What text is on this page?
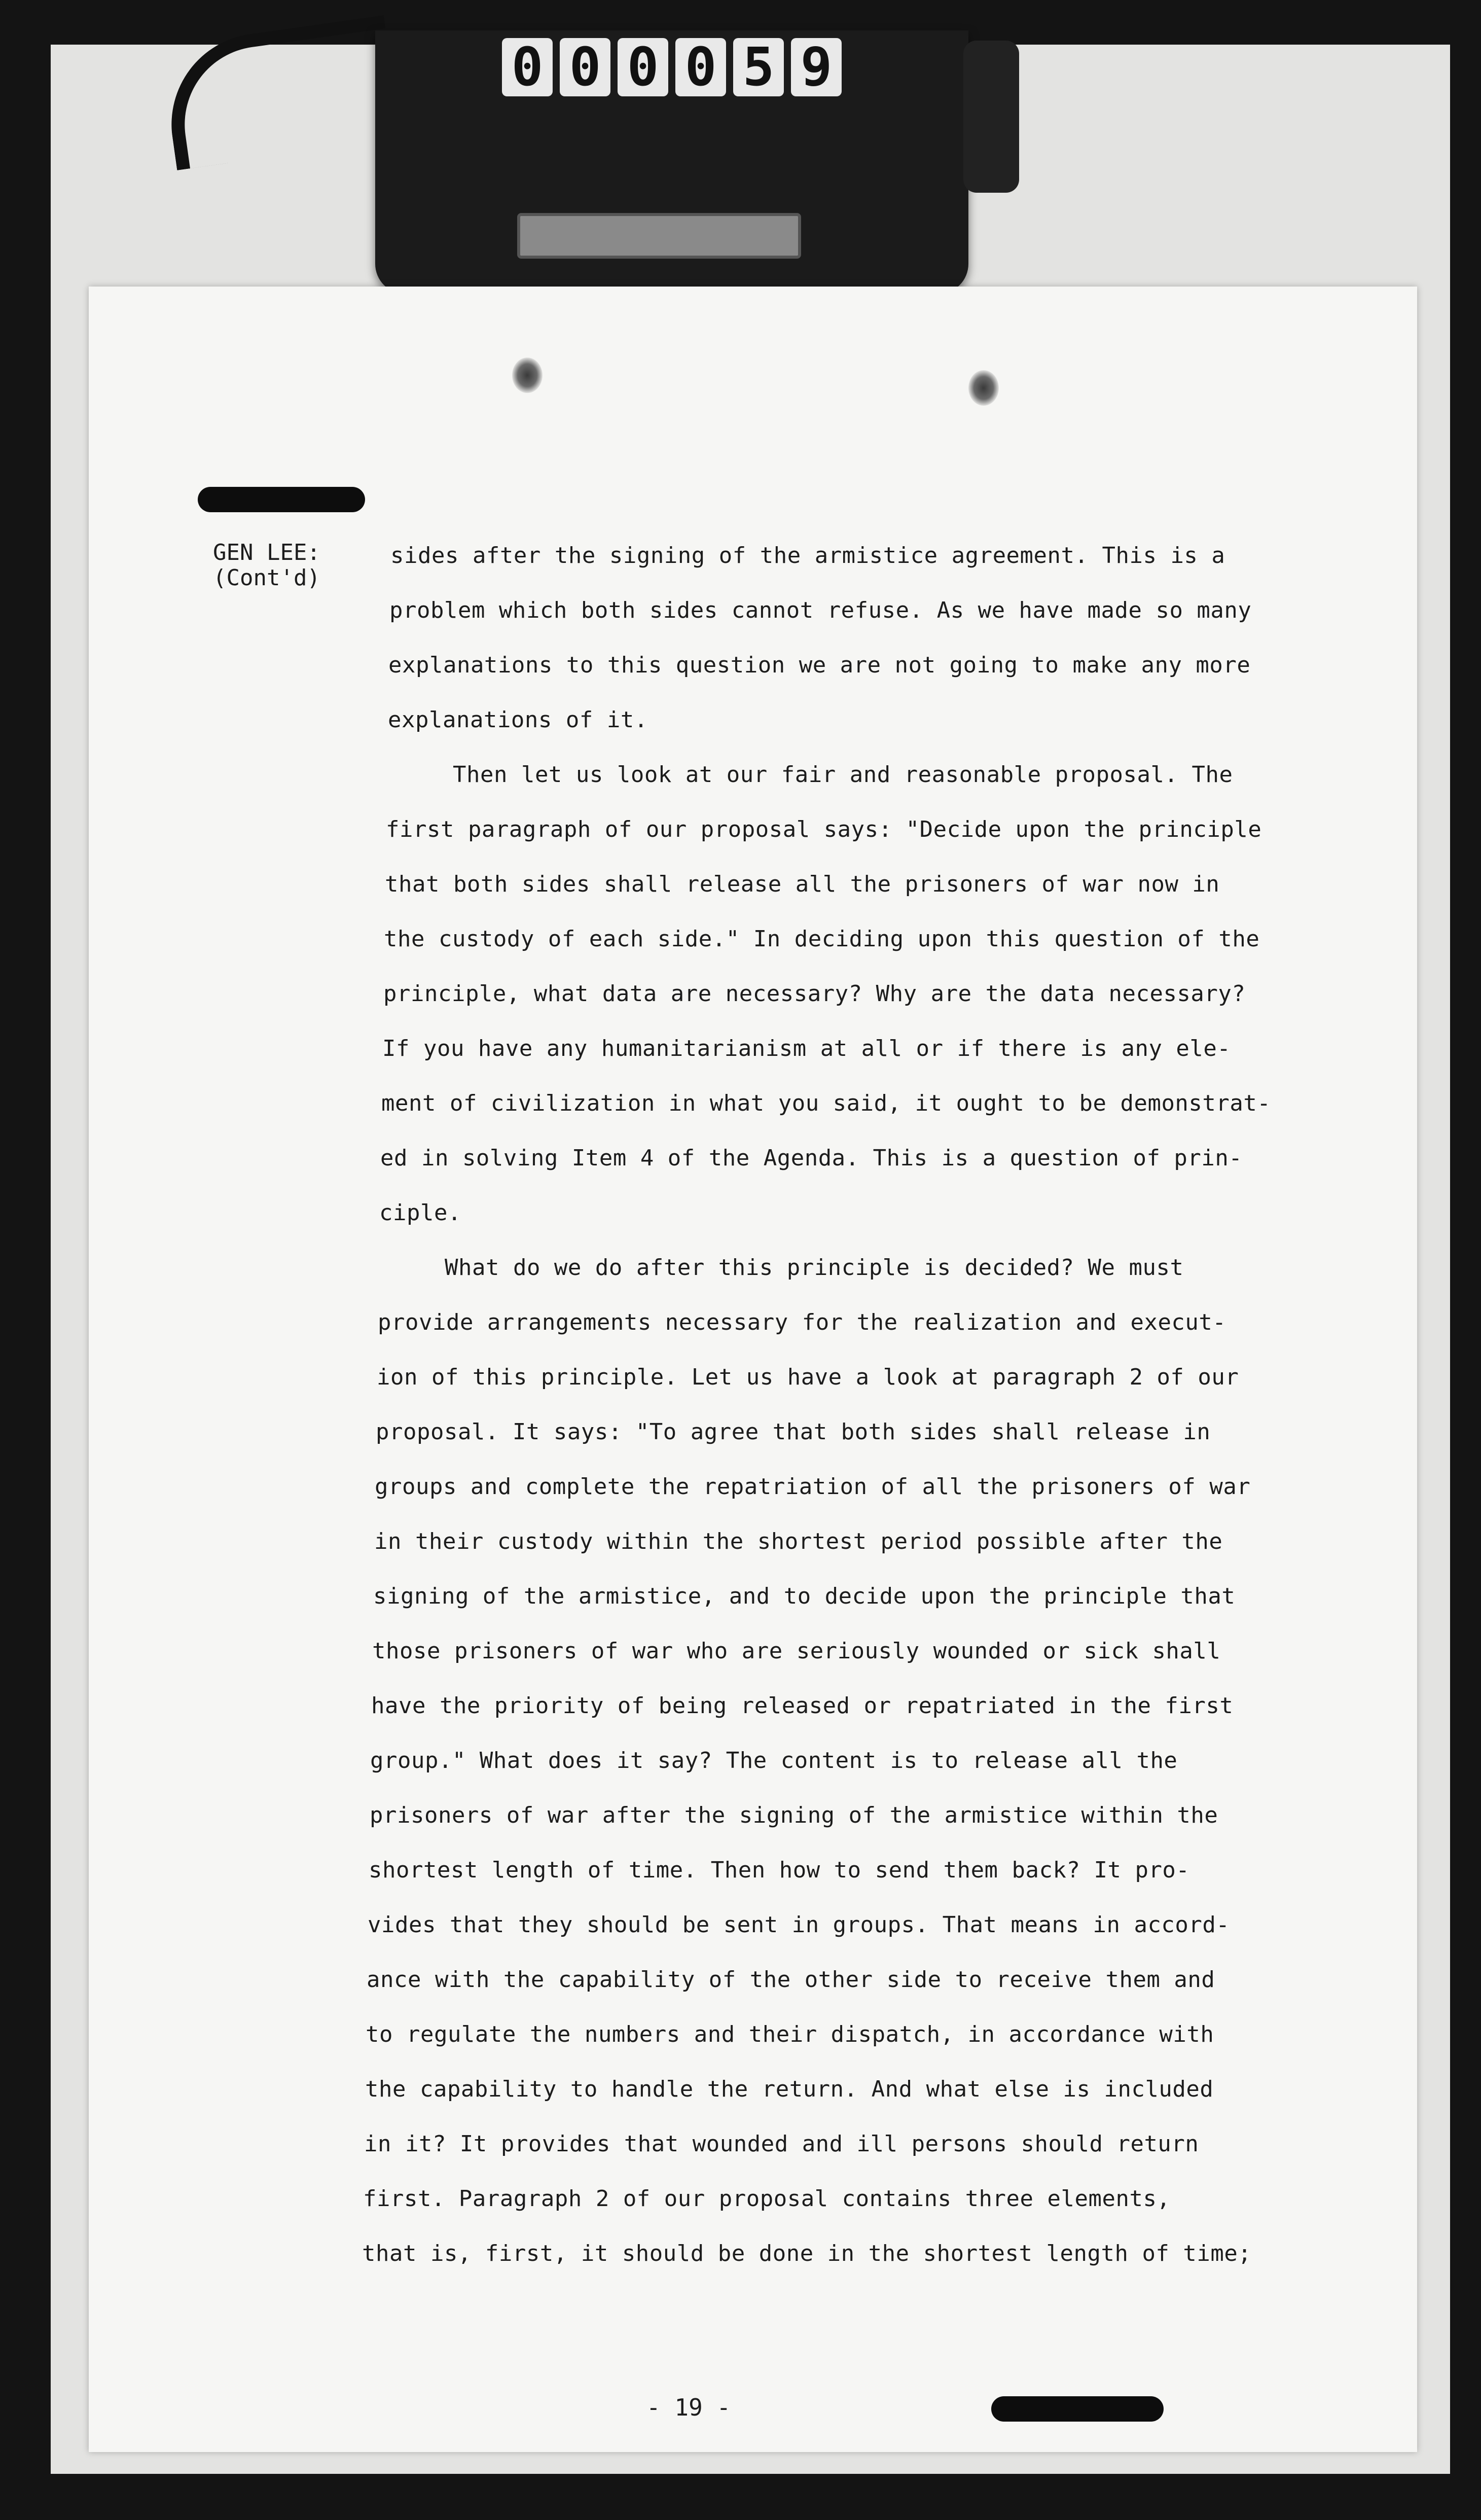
0 0 0 0 5 9
GEN LEE:
(Cont'd)
sides after the signing of the armistice agreement. This is a
problem which both sides cannot refuse. As we have made so many
explanations to this question we are not going to make any more
explanations of it.
Then let us look at our fair and reasonable proposal. The
first paragraph of our proposal says: "Decide upon the principle
that both sides shall release all the prisoners of war now in
the custody of each side." In deciding upon this question of the
principle, what data are necessary? Why are the data necessary?
If you have any humanitarianism at all or if there is any ele-
ment of civilization in what you said, it ought to be demonstrat-
ed in solving Item 4 of the Agenda. This is a question of prin-
ciple.
What do we do after this principle is decided? We must
provide arrangements necessary for the realization and execut-
ion of this principle. Let us have a look at paragraph 2 of our
proposal. It says: "To agree that both sides shall release in
groups and complete the repatriation of all the prisoners of war
in their custody within the shortest period possible after the
signing of the armistice, and to decide upon the principle that
those prisoners of war who are seriously wounded or sick shall
have the priority of being released or repatriated in the first
group." What does it say? The content is to release all the
prisoners of war after the signing of the armistice within the
shortest length of time. Then how to send them back? It pro-
vides that they should be sent in groups. That means in accord-
ance with the capability of the other side to receive them and
to regulate the numbers and their dispatch, in accordance with
the capability to handle the return. And what else is included
in it? It provides that wounded and ill persons should return
first. Paragraph 2 of our proposal contains three elements,
that is, first, it should be done in the shortest length of time;
- 19 -
